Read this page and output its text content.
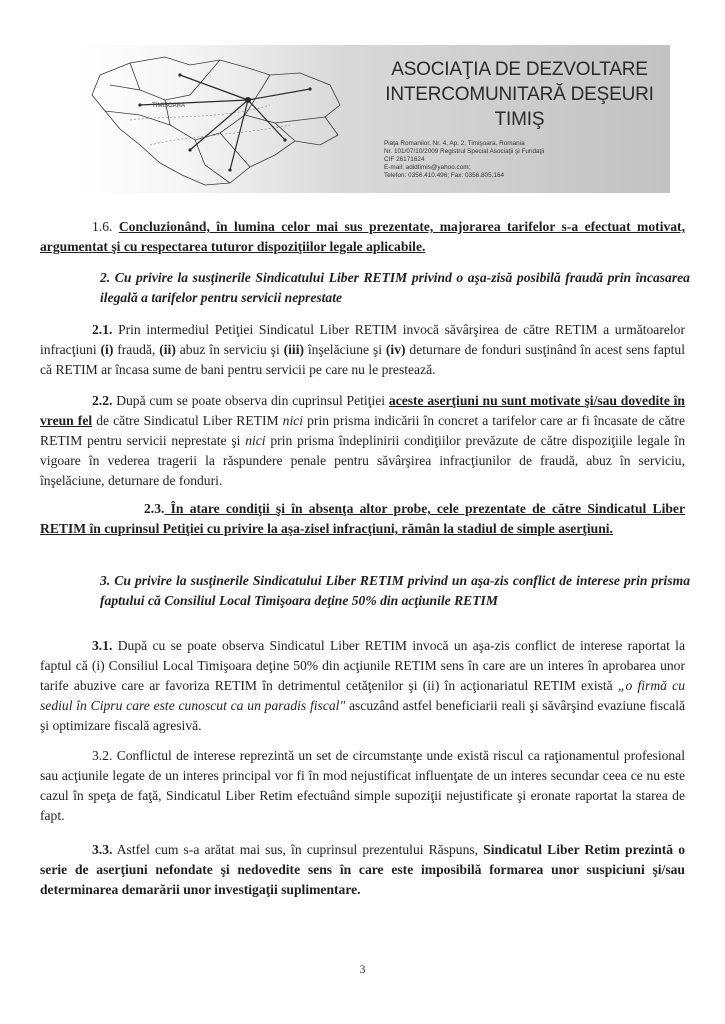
TIMIŞOARA
ASOCIAŢIA DE DEZVOLTARE
INTERCOMUNITARĂ DEŞEURI
TIMIŞ
Piaţa Romanilor, Nr. 4, Ap. 2, Timişoara, Romania
Nr. 101/07/10/2009 Registrul Special Asociaţii şi Fundaţii
CIF 26171624
E-mail: adidtimis@yahoo.com;
Telefon: 0356.410.496; Fax: 0356.805.164

1.6. Concluzionând, în lumina celor mai sus prezentate, majorarea tarifelor s-a efectuat motivat, argumentat şi cu respectarea tuturor dispoziţiilor legale aplicabile.

2. Cu privire la susţinerile Sindicatului Liber RETIM privind o aşa-zisă posibilă fraudă prin încasarea ilegală a tarifelor pentru servicii neprestate

2.1. Prin intermediul Petiţiei Sindicatul Liber RETIM invocă săvârşirea de către RETIM a următoarelor infracţiuni (i) fraudă, (ii) abuz în serviciu şi (iii) înşelăciune şi (iv) deturnare de fonduri susţinând în acest sens faptul că RETIM ar încasa sume de bani pentru servicii pe care nu le prestează.

2.2. După cum se poate observa din cuprinsul Petiţiei aceste aserţiuni nu sunt motivate şi/sau dovedite în vreun fel de către Sindicatul Liber RETIM nici prin prisma indicării în concret a tarifelor care ar fi încasate de către RETIM pentru servicii neprestate şi nici prin prisma îndeplinirii condiţiilor prevăzute de către dispoziţiile legale în vigoare în vederea tragerii la răspundere penale pentru săvârşirea infracţiunilor de fraudă, abuz în serviciu, înşelăciune, deturnare de fonduri.

2.3. În atare condiţii şi în absenţa altor probe, cele prezentate de către Sindicatul Liber RETIM în cuprinsul Petiţiei cu privire la aşa-zisel infracţiuni, rămân la stadiul de simple aserţiuni.

3. Cu privire la susţinerile Sindicatului Liber RETIM privind un aşa-zis conflict de interese prin prisma faptului că Consiliul Local Timişoara deţine 50% din acţiunile RETIM

3.1. După cu se poate observa Sindicatul Liber RETIM invocă un aşa-zis conflict de interese raportat la faptul că (i) Consiliul Local Timişoara deţine 50% din acţiunile RETIM sens în care are un interes în aprobarea unor tarife abuzive care ar favoriza RETIM în detrimentul cetăţenilor şi (ii) în acţionariatul RETIM există „o firmă cu sediul în Cipru care este cunoscut ca un paradis fiscal" ascuzând astfel beneficiarii reali şi săvârşind evaziune fiscală şi optimizare fiscală agresivă.

3.2. Conflictul de interese reprezintă un set de circumstanţe unde există riscul ca raţionamentul profesional sau acţiunile legate de un interes principal vor fi în mod nejustificat influenţate de un interes secundar ceea ce nu este cazul în speţa de faţă, Sindicatul Liber Retim efectuând simple supoziţii nejustificate şi eronate raportat la starea de fapt.

3.3. Astfel cum s-a arătat mai sus, în cuprinsul prezentului Răspuns, Sindicatul Liber Retim prezintă o serie de aserţiuni nefondate şi nedovedite sens în care este imposibilă formarea unor suspiciuni şi/sau determinarea demarării unor investigaţii suplimentare.

3
